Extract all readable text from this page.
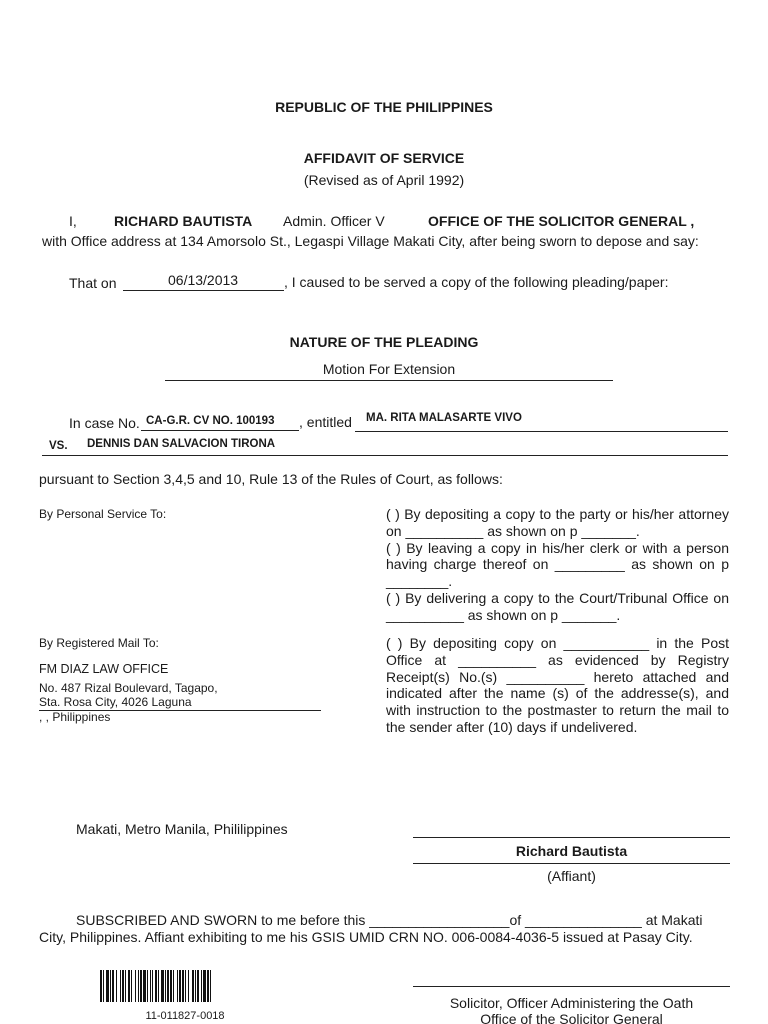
REPUBLIC OF THE PHILIPPINES
AFFIDAVIT OF SERVICE
(Revised as of April 1992)
I,	RICHARD BAUTISTA Admin. Officer V	OFFICE OF THE SOLICITOR GENERAL ,
with Office address at 134 Amorsolo St., Legaspi Village Makati City, after being sworn to depose and say:
That on	06/13/2013	, I caused to be served a copy of the following pleading/paper:
NATURE OF THE PLEADING
Motion For Extension
In case No. CA-G.R. CV NO. 100193 , entitled MA. RITA MALASARTE VIVO
VS. DENNIS DAN SALVACION TIRONA
pursuant to Section 3,4,5 and 10, Rule 13 of the Rules of Court, as follows:
By Personal Service To:	( ) By depositing a copy to the party or his/her attorney on __________ as shown on p _______.

( ) By leaving a copy in his/her clerk or with a person having charge thereof on _________ as shown on p ________.

( ) By delivering a copy to the Court/Tribunal Office on __________ as shown on p _______.

By Registered Mail To:
FM DIAZ LAW OFFICE
No. 487 Rizal Boulevard, Tagapo,
Sta. Rosa City, 4026 Laguna
, , Philippines

( ) By depositing copy on ___________ in the Post Office at __________ as evidenced by Registry Receipt(s) No.(s) __________ hereto attached and indicated after the name (s) of the addresse(s), and with instruction to the postmaster to return the mail to the sender after (10) days if undelivered.

Makati, Metro Manila, Phililippines
Richard Bautista
(Affiant)
SUBSCRIBED AND SWORN to me before this __________________of _______________ at Makati
City, Philippines. Affiant exhibiting to me his GSIS UMID CRN NO. 006-0084-4036-5 issued at Pasay City.
11-011827-0018
Solicitor, Officer Administering the Oath
Office of the Solicitor General
